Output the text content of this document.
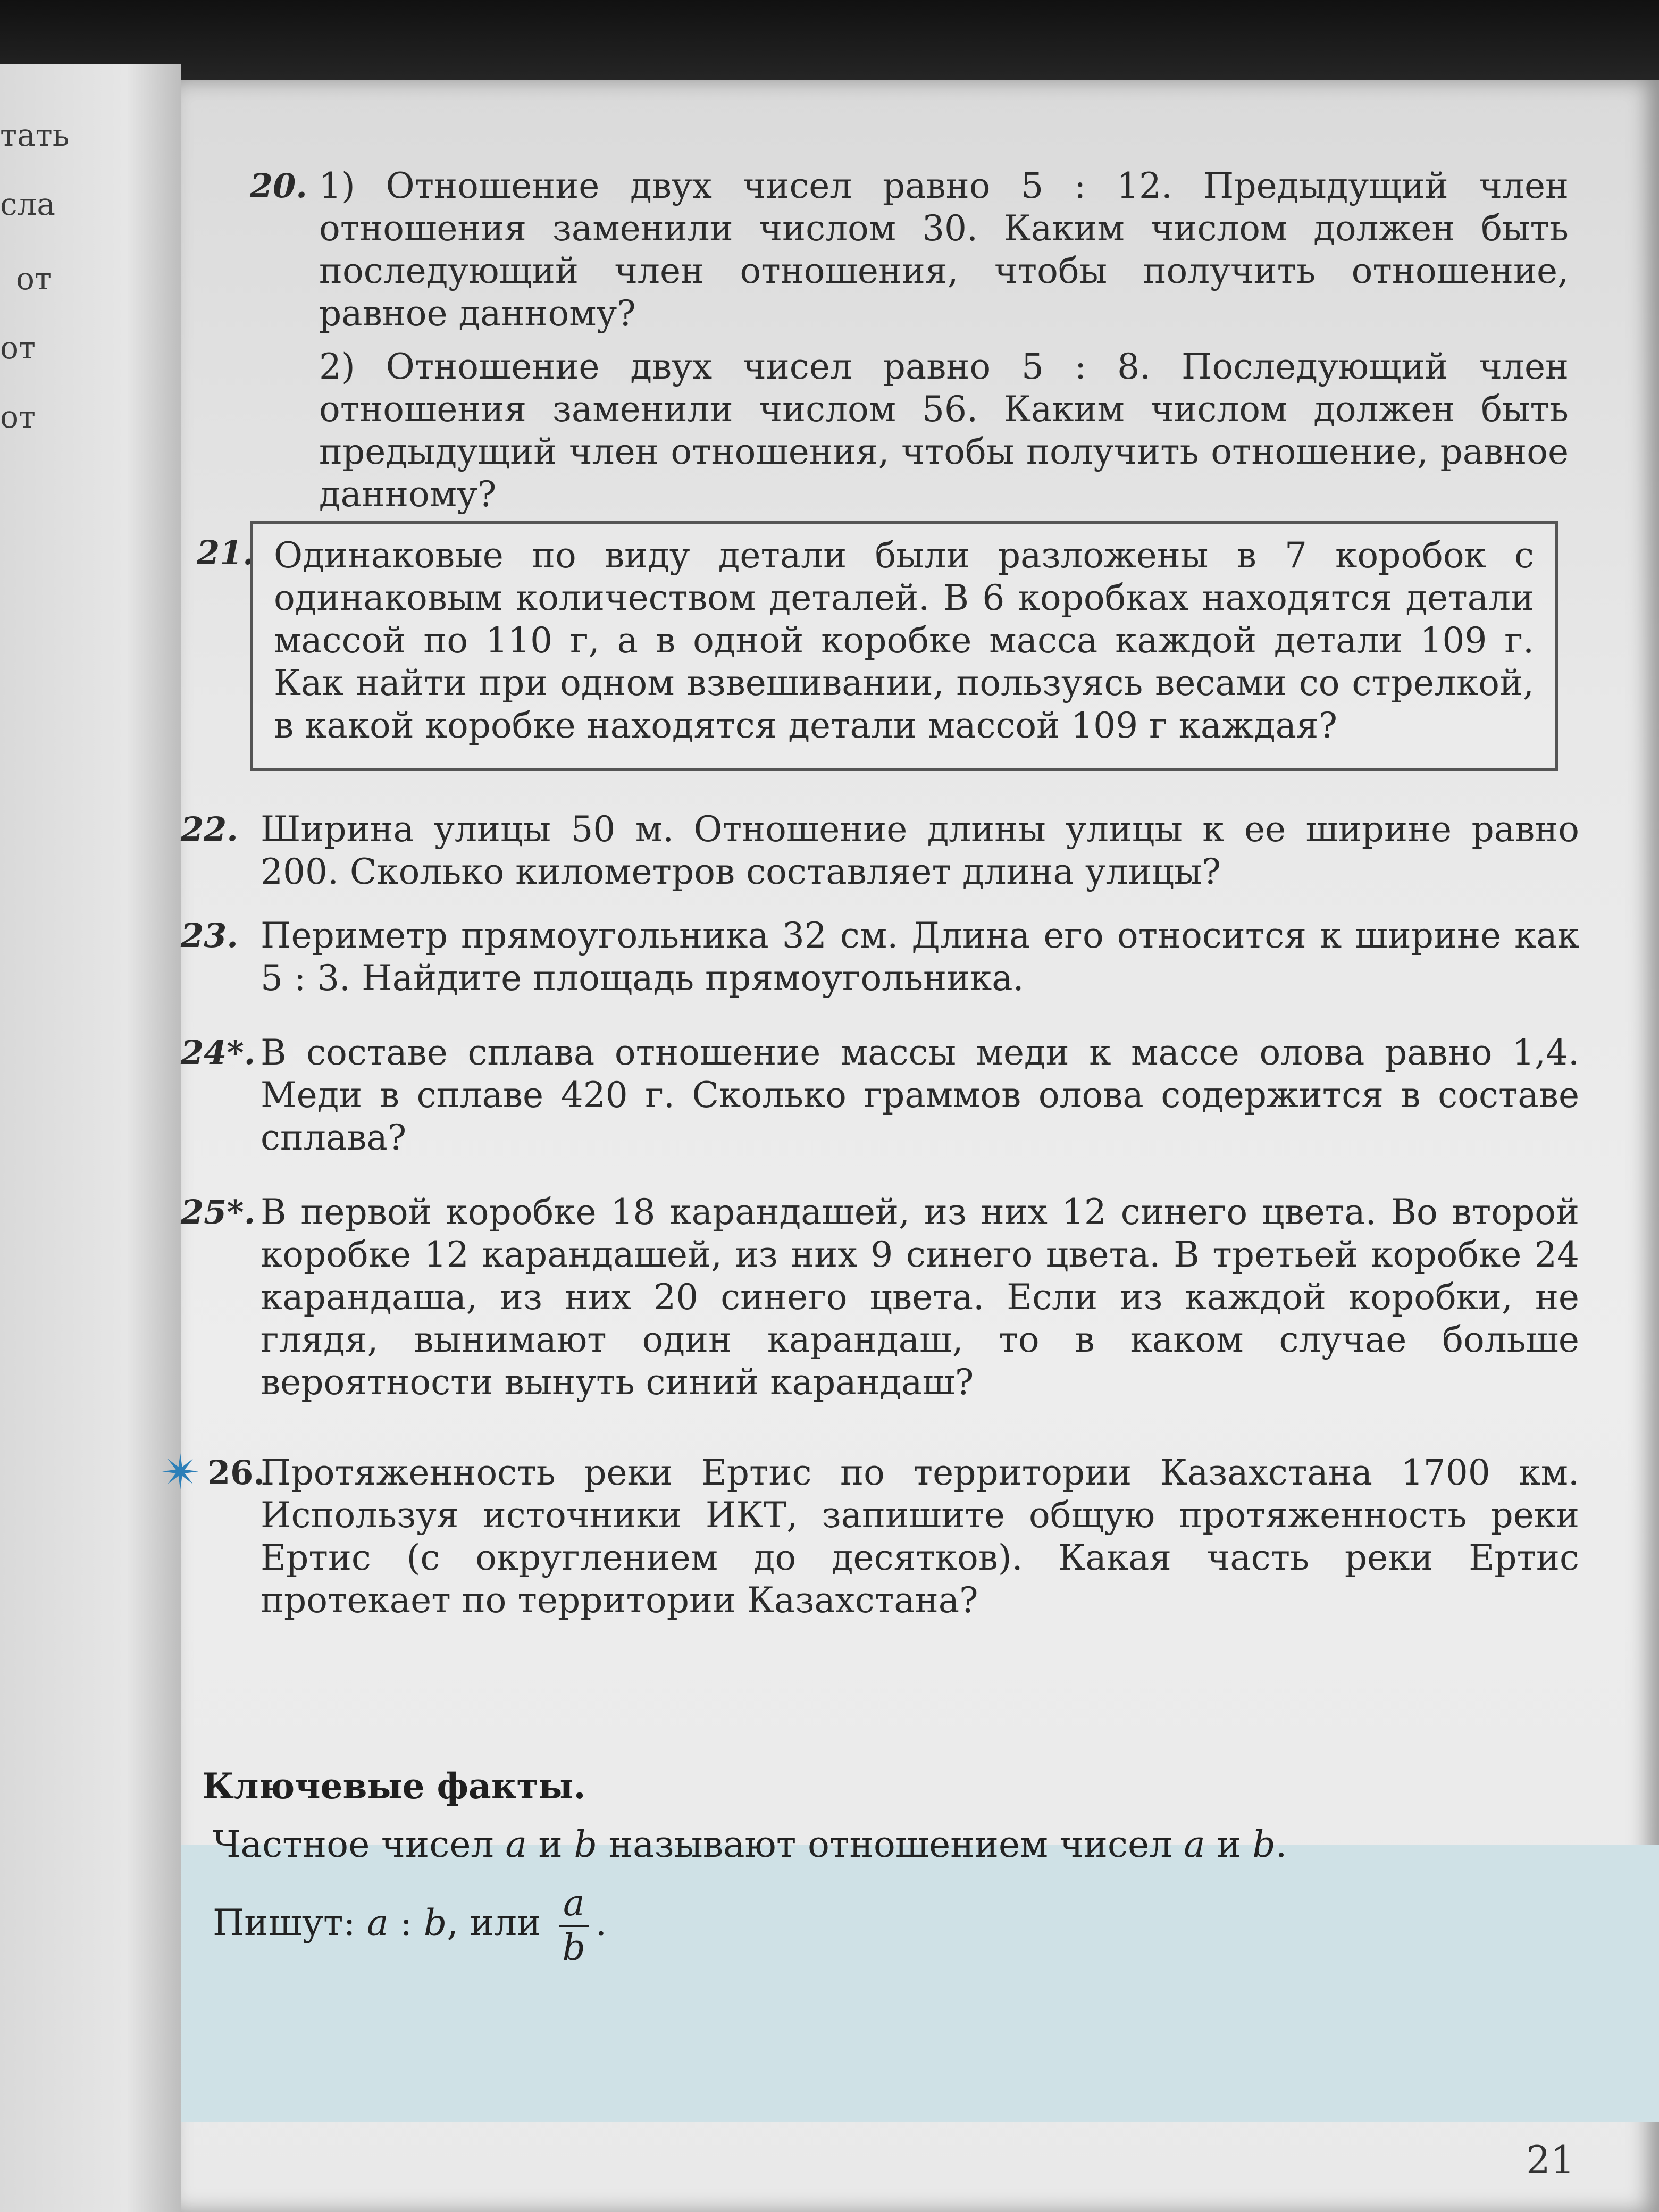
тать
сла
от
от
от
20. 1) Отношение двух чисел равно 5 : 12. Предыдущий член отношения заменили числом 30. Каким числом должен быть последующий член отношения, чтобы получить отношение, равное данному?
2) Отношение двух чисел равно 5 : 8. Последующий член отношения заменили числом 56. Каким числом должен быть предыдущий член отношения, чтобы получить отношение, равное данному?
21. Одинаковые по виду детали были разложены в 7 коробок с одинаковым количеством деталей. В 6 коробках находятся детали массой по 110 г, а в одной коробке масса каждой детали 109 г. Как найти при одном взвешивании, пользуясь весами со стрелкой, в какой коробке находятся детали массой 109 г каждая?
22. Ширина улицы 50 м. Отношение длины улицы к ее ширине равно 200. Сколько километров составляет длина улицы?
23. Периметр прямоугольника 32 см. Длина его относится к ширине как 5 : 3. Найдите площадь прямоугольника.
24*. В составе сплава отношение массы меди к массе олова равно 1,4. Меди в сплаве 420 г. Сколько граммов олова содержится в составе сплава?
25*. В первой коробке 18 карандашей, из них 12 синего цвета. Во второй коробке 12 карандашей, из них 9 синего цвета. В третьей коробке 24 карандаша, из них 20 синего цвета. Если из каждой коробки, не глядя, вынимают один карандаш, то в каком случае больше вероятности вынуть синий карандаш?
✴ 26.
Протяженность реки Ертис по территории Казахстана 1700 км. Используя источники ИКТ, запишите общую протяженность реки Ертис (с округлением до десятков). Какая часть реки Ертис протекает по территории Казахстана?
Ключевые факты.
Частное чисел a и b называют отношением чисел a и b.
Пишут: a : b, или $\frac{a}{b}$ .
21
